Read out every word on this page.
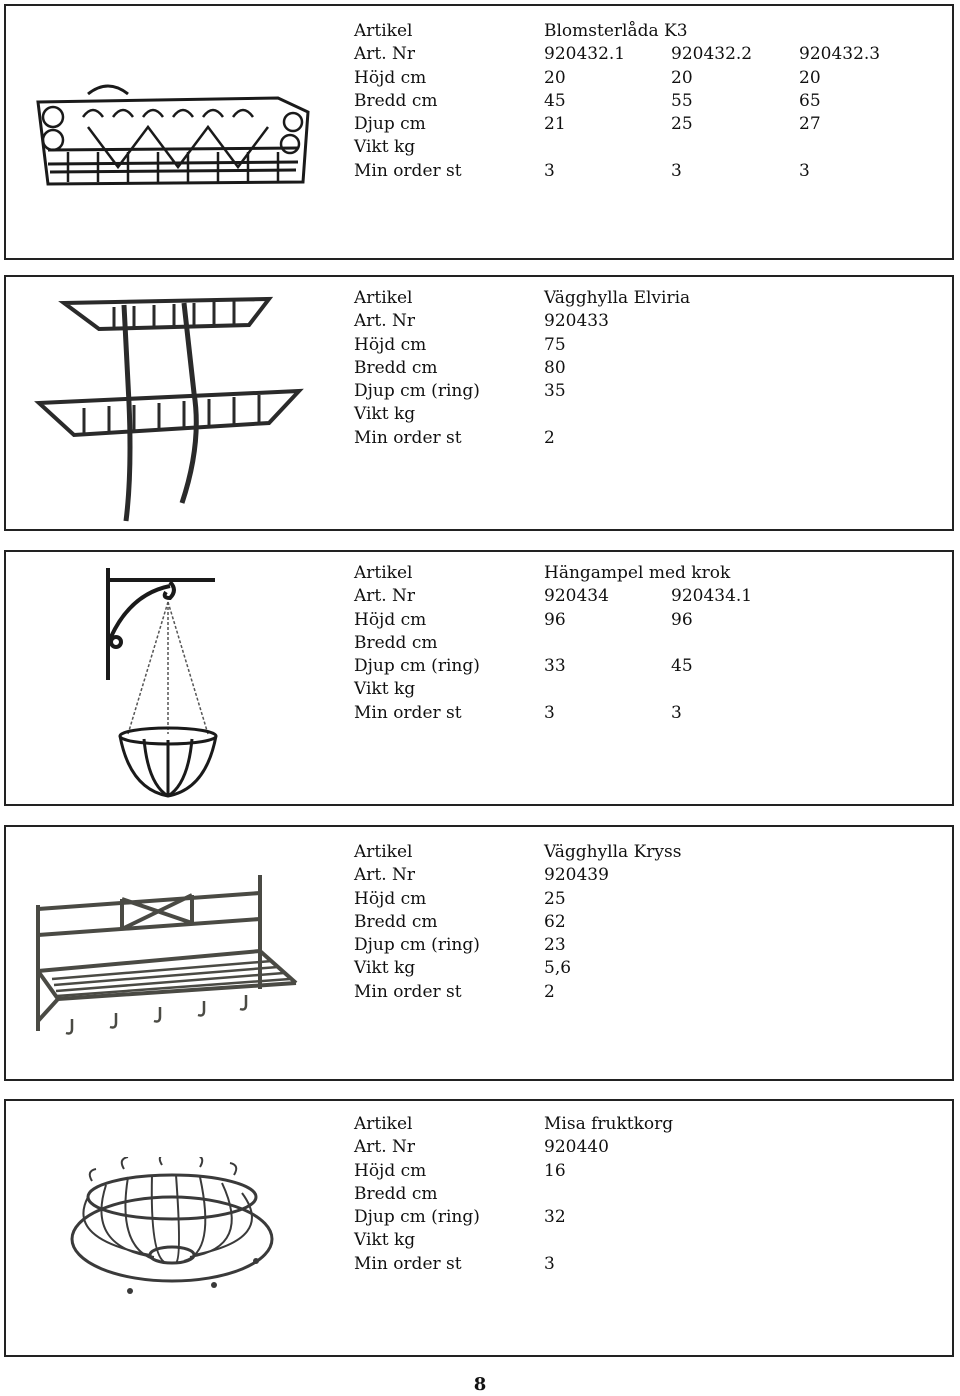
Artikel	Blomsterlåda K3
Art. Nr	920432.1	920432.2	920432.3
Höjd cm	20	20	20
Bredd cm	45	55	65
Djup cm	21	25	27
Vikt kg
Min order st	3	3	3
Artikel	Vägghylla Elviria
Art. Nr	920433
Höjd cm	75
Bredd cm	80
Djup cm (ring)	35
Vikt kg
Min order st	2
Artikel	Hängampel med krok
Art. Nr	920434	920434.1
Höjd cm	96	96
Bredd cm
Djup cm (ring)	33	45
Vikt kg
Min order st	3	3
Artikel	Vägghylla Kryss
Art. Nr	920439
Höjd cm	25
Bredd cm	62
Djup cm (ring)	23
Vikt kg	5,6
Min order st	2
Artikel	Misa fruktkorg
Art. Nr	920440
Höjd cm	16
Bredd cm
Djup cm (ring)	32
Vikt kg
Min order st	3
8
